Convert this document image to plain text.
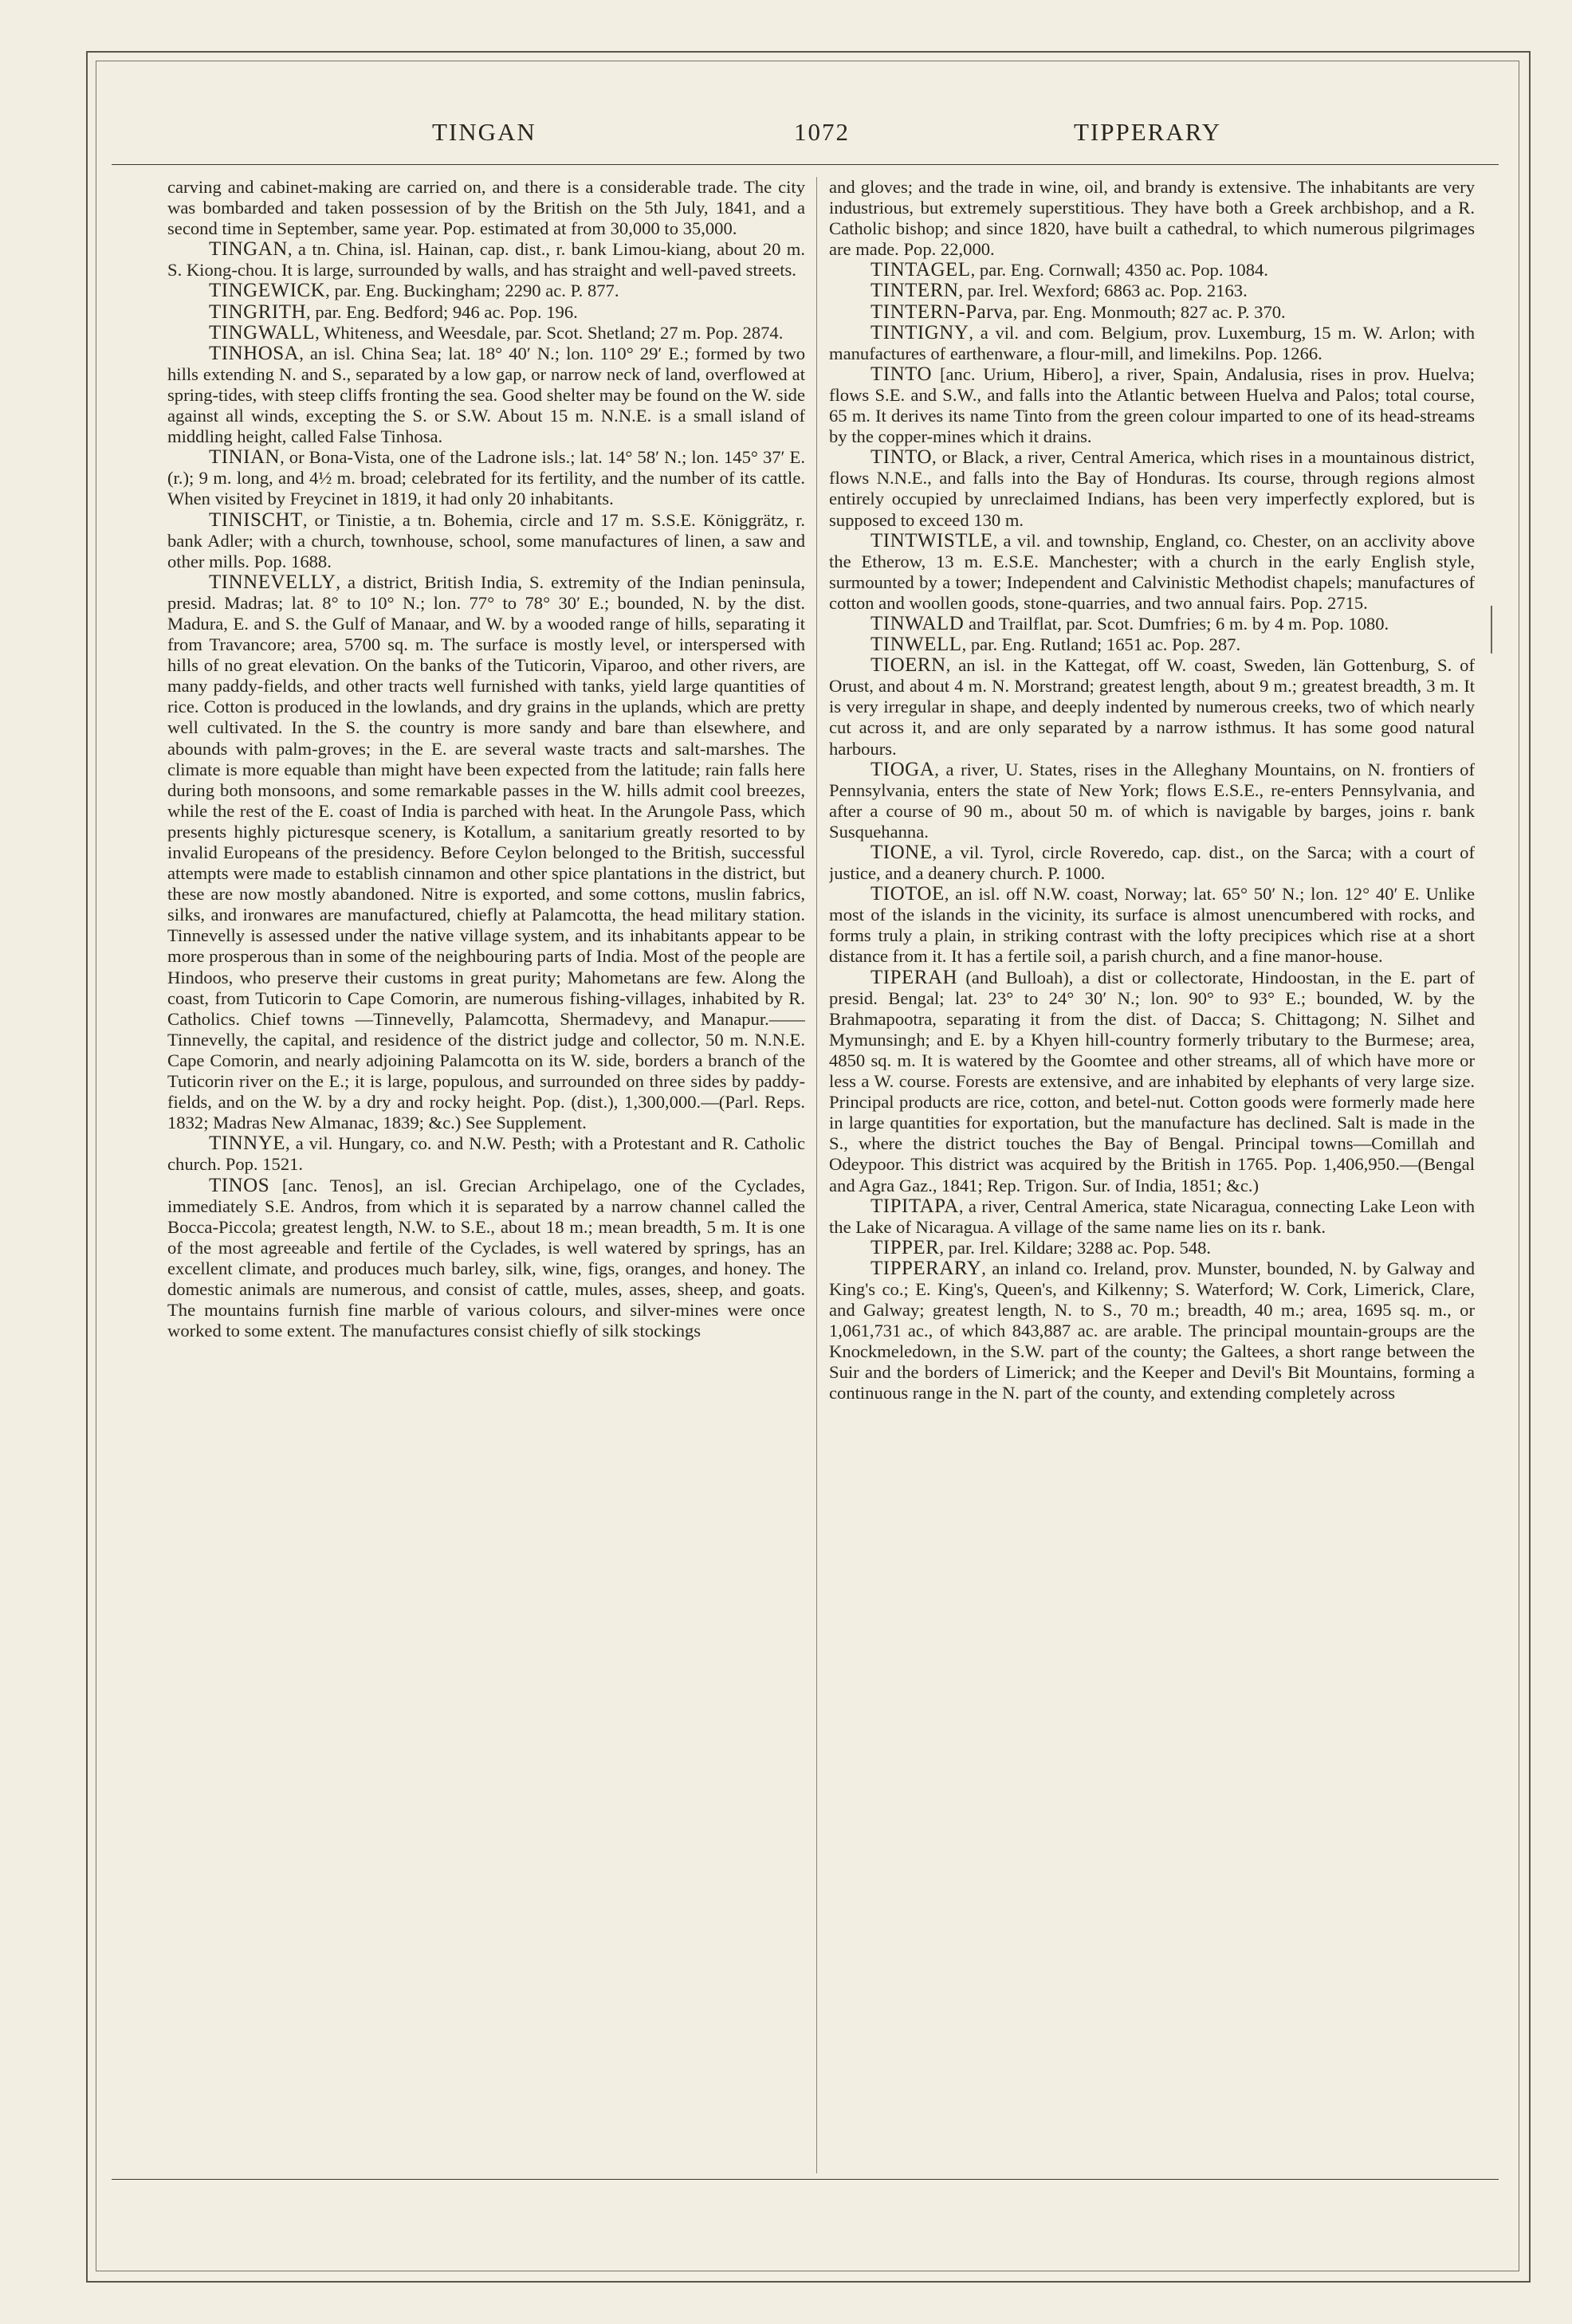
TINGAN	1072	TIPPERARY

carving and cabinet-making are carried on, and there is a considerable trade. The city was bombarded and taken possession of by the British on the 5th July, 1841, and a second time in September, same year. Pop. estimated at from 30,000 to 35,000.

TINGAN, a tn. China, isl. Hainan, cap. dist., r. bank Limou-kiang, about 20 m. S. Kiong-chou. It is large, surrounded by walls, and has straight and well-paved streets.

TINGEWICK, par. Eng. Buckingham; 2290 ac. P. 877.

TINGRITH, par. Eng. Bedford; 946 ac. Pop. 196.

TINGWALL, Whiteness, and Weesdale, par. Scot. Shetland; 27 m. Pop. 2874.

TINHOSA, an isl. China Sea; lat. 18° 40′ N.; lon. 110° 29′ E.; formed by two hills extending N. and S., separated by a low gap, or narrow neck of land, overflowed at spring-tides, with steep cliffs fronting the sea. Good shelter may be found on the W. side against all winds, excepting the S. or S.W. About 15 m. N.N.E. is a small island of middling height, called False Tinhosa.

TINIAN, or Bona-Vista, one of the Ladrone isls.; lat. 14° 58′ N.; lon. 145° 37′ E. (r.); 9 m. long, and 4½ m. broad; celebrated for its fertility, and the number of its cattle. When visited by Freycinet in 1819, it had only 20 inhabitants.

TINISCHT, or Tinistie, a tn. Bohemia, circle and 17 m. S.S.E. Königgrätz, r. bank Adler; with a church, townhouse, school, some manufactures of linen, a saw and other mills. Pop. 1688.

TINNEVELLY, a district, British India, S. extremity of the Indian peninsula, presid. Madras; lat. 8° to 10° N.; lon. 77° to 78° 30′ E.; bounded, N. by the dist. Madura, E. and S. the Gulf of Manaar, and W. by a wooded range of hills, separating it from Travancore; area, 5700 sq. m. The surface is mostly level, or interspersed with hills of no great elevation. On the banks of the Tuticorin, Viparoo, and other rivers, are many paddy-fields, and other tracts well furnished with tanks, yield large quantities of rice. Cotton is produced in the lowlands, and dry grains in the uplands, which are pretty well cultivated. In the S. the country is more sandy and bare than elsewhere, and abounds with palm-groves; in the E. are several waste tracts and salt-marshes. The climate is more equable than might have been expected from the latitude; rain falls here during both monsoons, and some remarkable passes in the W. hills admit cool breezes, while the rest of the E. coast of India is parched with heat. In the Arungole Pass, which presents highly picturesque scenery, is Kotallum, a sanitarium greatly resorted to by invalid Europeans of the presidency. Before Ceylon belonged to the British, successful attempts were made to establish cinnamon and other spice plantations in the district, but these are now mostly abandoned. Nitre is exported, and some cottons, muslin fabrics, silks, and ironwares are manufactured, chiefly at Palamcotta, the head military station. Tinnevelly is assessed under the native village system, and its inhabitants appear to be more prosperous than in some of the neighbouring parts of India. Most of the people are Hindoos, who preserve their customs in great purity; Mahometans are few. Along the coast, from Tuticorin to Cape Comorin, are numerous fishing-villages, inhabited by R. Catholics. Chief towns —Tinnevelly, Palamcotta, Shermadevy, and Manapur.——Tinnevelly, the capital, and residence of the district judge and collector, 50 m. N.N.E. Cape Comorin, and nearly adjoining Palamcotta on its W. side, borders a branch of the Tuticorin river on the E.; it is large, populous, and surrounded on three sides by paddy-fields, and on the W. by a dry and rocky height. Pop. (dist.), 1,300,000.—(Parl. Reps. 1832; Madras New Almanac, 1839; &c.) See Supplement.

TINNYE, a vil. Hungary, co. and N.W. Pesth; with a Protestant and R. Catholic church. Pop. 1521.

TINOS [anc. Tenos], an isl. Grecian Archipelago, one of the Cyclades, immediately S.E. Andros, from which it is separated by a narrow channel called the Bocca-Piccola; greatest length, N.W. to S.E., about 18 m.; mean breadth, 5 m. It is one of the most agreeable and fertile of the Cyclades, is well watered by springs, has an excellent climate, and produces much barley, silk, wine, figs, oranges, and honey. The domestic animals are numerous, and consist of cattle, mules, asses, sheep, and goats. The mountains furnish fine marble of various colours, and silver-mines were once worked to some extent. The manufactures consist chiefly of silk stockings

and gloves; and the trade in wine, oil, and brandy is extensive. The inhabitants are very industrious, but extremely superstitious. They have both a Greek archbishop, and a R. Catholic bishop; and since 1820, have built a cathedral, to which numerous pilgrimages are made. Pop. 22,000.

TINTAGEL, par. Eng. Cornwall; 4350 ac. Pop. 1084.

TINTERN, par. Irel. Wexford; 6863 ac. Pop. 2163.

TINTERN-Parva, par. Eng. Monmouth; 827 ac. P. 370.

TINTIGNY, a vil. and com. Belgium, prov. Luxemburg, 15 m. W. Arlon; with manufactures of earthenware, a flour-mill, and limekilns. Pop. 1266.

TINTO [anc. Urium, Hibero], a river, Spain, Andalusia, rises in prov. Huelva; flows S.E. and S.W., and falls into the Atlantic between Huelva and Palos; total course, 65 m. It derives its name Tinto from the green colour imparted to one of its head-streams by the copper-mines which it drains.

TINTO, or Black, a river, Central America, which rises in a mountainous district, flows N.N.E., and falls into the Bay of Honduras. Its course, through regions almost entirely occupied by unreclaimed Indians, has been very imperfectly explored, but is supposed to exceed 130 m.

TINTWISTLE, a vil. and township, England, co. Chester, on an acclivity above the Etherow, 13 m. E.S.E. Manchester; with a church in the early English style, surmounted by a tower; Independent and Calvinistic Methodist chapels; manufactures of cotton and woollen goods, stone-quarries, and two annual fairs. Pop. 2715.

TINWALD and Trailflat, par. Scot. Dumfries; 6 m. by 4 m. Pop. 1080.

TINWELL, par. Eng. Rutland; 1651 ac. Pop. 287.

TIOERN, an isl. in the Kattegat, off W. coast, Sweden, län Gottenburg, S. of Orust, and about 4 m. N. Morstrand; greatest length, about 9 m.; greatest breadth, 3 m. It is very irregular in shape, and deeply indented by numerous creeks, two of which nearly cut across it, and are only separated by a narrow isthmus. It has some good natural harbours.

TIOGA, a river, U. States, rises in the Alleghany Mountains, on N. frontiers of Pennsylvania, enters the state of New York; flows E.S.E., re-enters Pennsylvania, and after a course of 90 m., about 50 m. of which is navigable by barges, joins r. bank Susquehanna.

TIONE, a vil. Tyrol, circle Roveredo, cap. dist., on the Sarca; with a court of justice, and a deanery church. P. 1000.

TIOTOE, an isl. off N.W. coast, Norway; lat. 65° 50′ N.; lon. 12° 40′ E. Unlike most of the islands in the vicinity, its surface is almost unencumbered with rocks, and forms truly a plain, in striking contrast with the lofty precipices which rise at a short distance from it. It has a fertile soil, a parish church, and a fine manor-house.

TIPERAH (and Bulloah), a dist or collectorate, Hindoostan, in the E. part of presid. Bengal; lat. 23° to 24° 30′ N.; lon. 90° to 93° E.; bounded, W. by the Brahmapootra, separating it from the dist. of Dacca; S. Chittagong; N. Silhet and Mymunsingh; and E. by a Khyen hill-country formerly tributary to the Burmese; area, 4850 sq. m. It is watered by the Goomtee and other streams, all of which have more or less a W. course. Forests are extensive, and are inhabited by elephants of very large size. Principal products are rice, cotton, and betel-nut. Cotton goods were formerly made here in large quantities for exportation, but the manufacture has declined. Salt is made in the S., where the district touches the Bay of Bengal. Principal towns—Comillah and Odeypoor. This district was acquired by the British in 1765. Pop. 1,406,950.—(Bengal and Agra Gaz., 1841; Rep. Trigon. Sur. of India, 1851; &c.)

TIPITAPA, a river, Central America, state Nicaragua, connecting Lake Leon with the Lake of Nicaragua. A village of the same name lies on its r. bank.

TIPPER, par. Irel. Kildare; 3288 ac. Pop. 548.

TIPPERARY, an inland co. Ireland, prov. Munster, bounded, N. by Galway and King's co.; E. King's, Queen's, and Kilkenny; S. Waterford; W. Cork, Limerick, Clare, and Galway; greatest length, N. to S., 70 m.; breadth, 40 m.; area, 1695 sq. m., or 1,061,731 ac., of which 843,887 ac. are arable. The principal mountain-groups are the Knockmeledown, in the S.W. part of the county; the Galtees, a short range between the Suir and the borders of Limerick; and the Keeper and Devil's Bit Mountains, forming a continuous range in the N. part of the county, and extending completely across
